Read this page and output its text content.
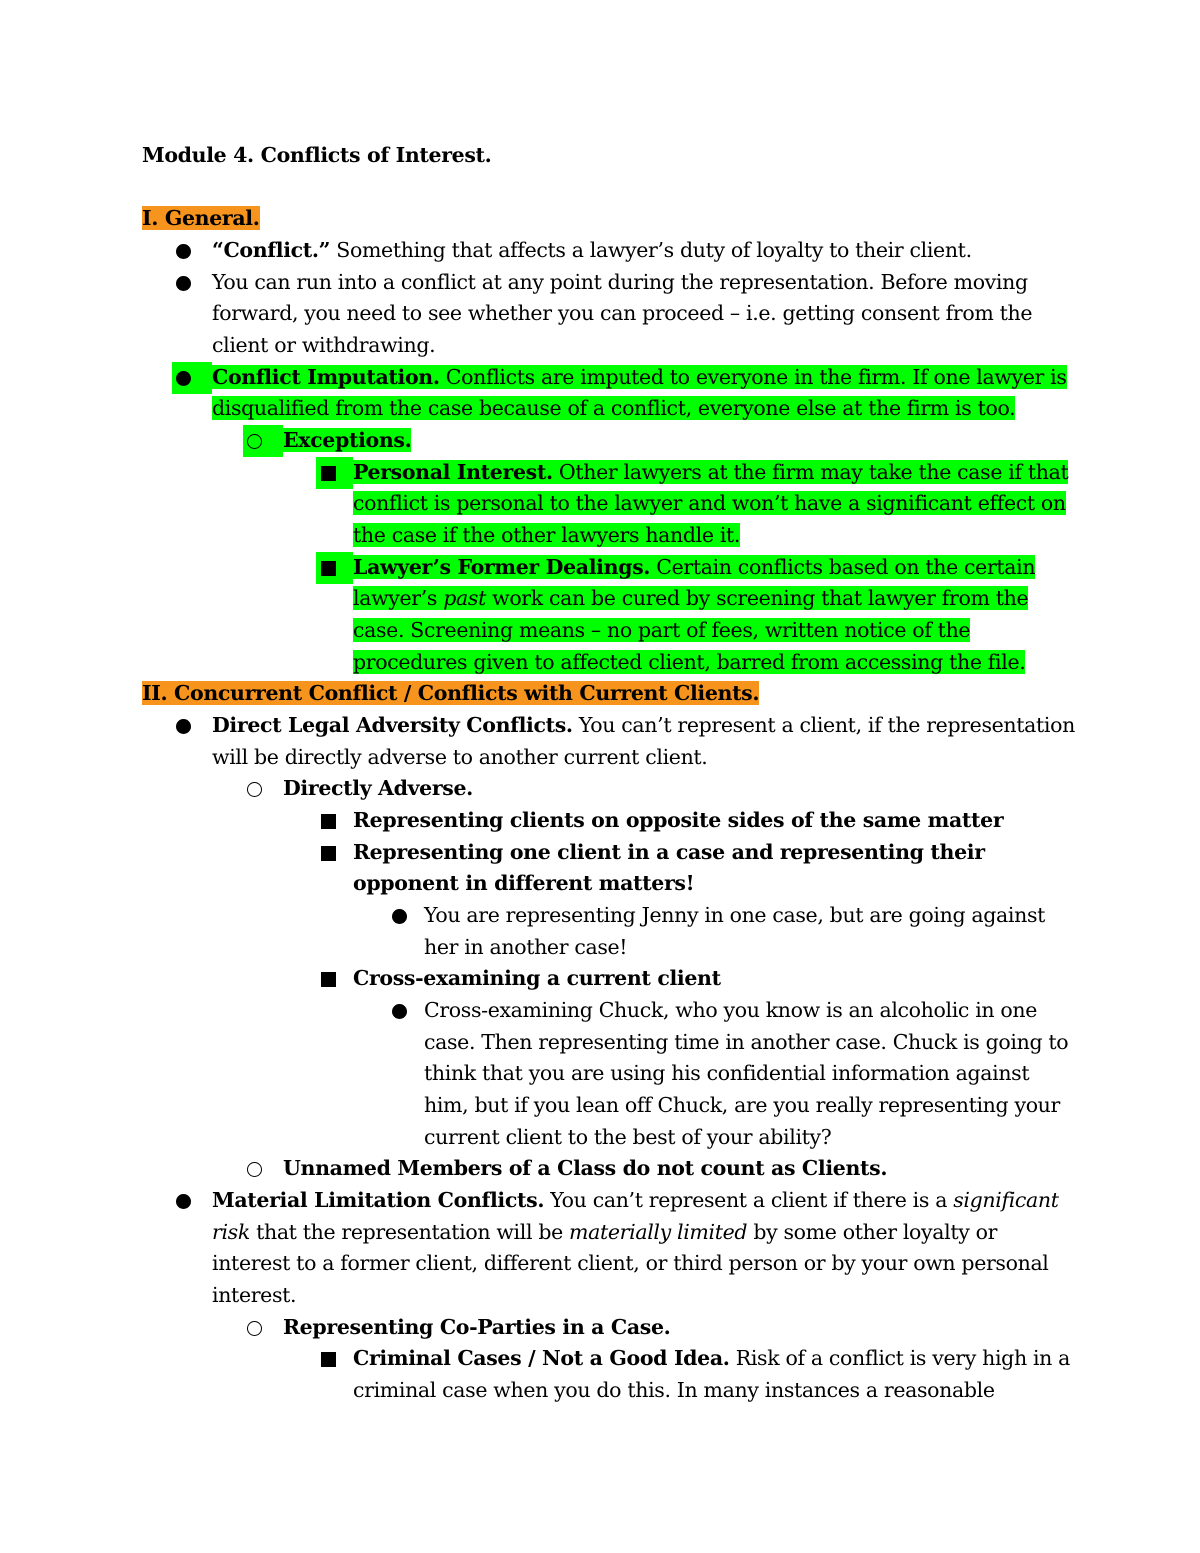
Module 4. Conflicts of Interest.
I. General.
“Conflict.” Something that affects a lawyer’s duty of loyalty to their client.
You can run into a conflict at any point during the representation. Before moving
forward, you need to see whether you can proceed – i.e. getting consent from the
client or withdrawing.
Conflict Imputation. Conflicts are imputed to everyone in the firm. If one lawyer is
disqualified from the case because of a conflict, everyone else at the firm is too.
Exceptions.
Personal Interest. Other lawyers at the firm may take the case if that
conflict is personal to the lawyer and won’t have a significant effect on
the case if the other lawyers handle it.
Lawyer’s Former Dealings. Certain conflicts based on the certain
lawyer’s past work can be cured by screening that lawyer from the
case. Screening means – no part of fees, written notice of the
procedures given to affected client, barred from accessing the file.
II. Concurrent Conflict / Conflicts with Current Clients.
Direct Legal Adversity Conflicts. You can’t represent a client, if the representation
will be directly adverse to another current client.
Directly Adverse.
Representing clients on opposite sides of the same matter
Representing one client in a case and representing their
opponent in different matters!
You are representing Jenny in one case, but are going against
her in another case!
Cross-examining a current client
Cross-examining Chuck, who you know is an alcoholic in one
case. Then representing time in another case. Chuck is going to
think that you are using his confidential information against
him, but if you lean off Chuck, are you really representing your
current client to the best of your ability?
Unnamed Members of a Class do not count as Clients.
Material Limitation Conflicts. You can’t represent a client if there is a significant
risk that the representation will be materially limited by some other loyalty or
interest to a former client, different client, or third person or by your own personal
interest.
Representing Co-Parties in a Case.
Criminal Cases / Not a Good Idea. Risk of a conflict is very high in a
criminal case when you do this. In many instances a reasonable
